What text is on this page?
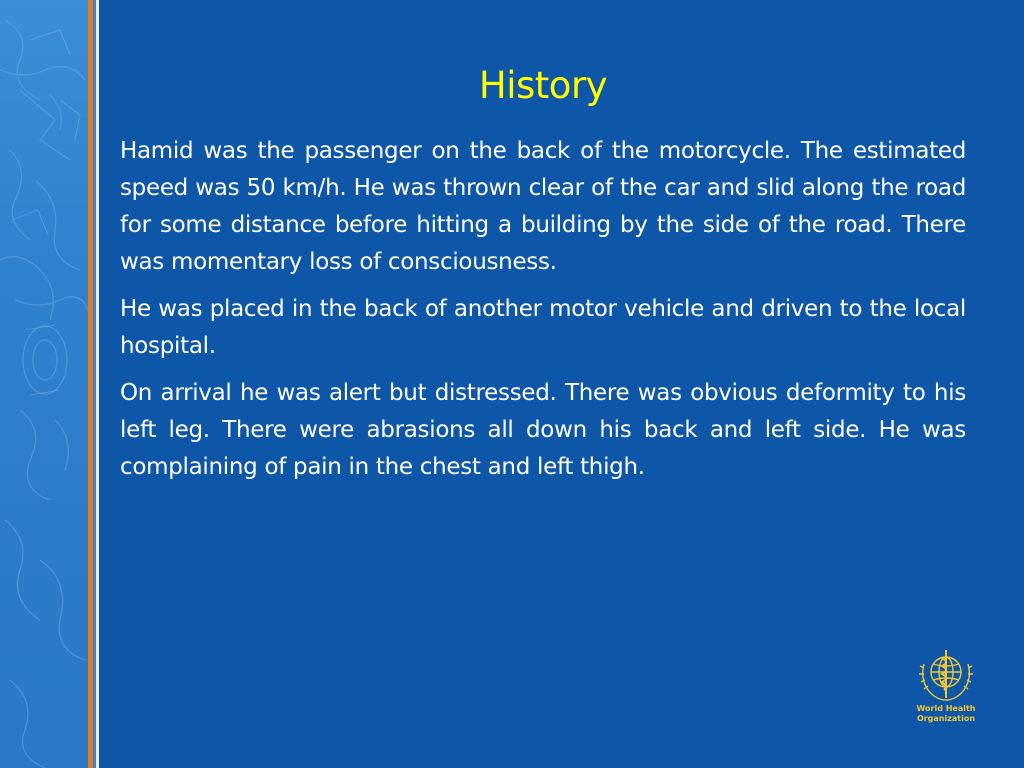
History

Hamid was the passenger on the back of the motorcycle. The estimated speed was 50 km/h. He was thrown clear of the car and slid along the road for some distance before hitting a building by the side of the road. There was momentary loss of consciousness.

He was placed in the back of another motor vehicle and driven to the local hospital.

On arrival he was alert but distressed. There was obvious deformity to his left leg. There were abrasions all down his back and left side. He was complaining of pain in the chest and left thigh.

World Health
Organization
